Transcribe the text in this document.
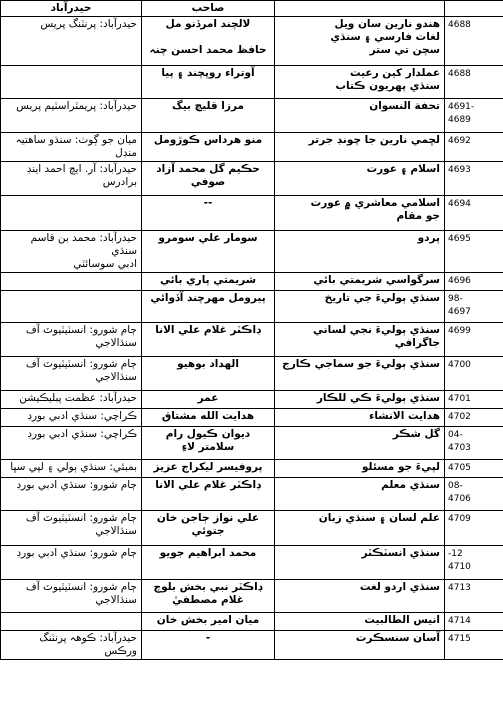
حيدرآباد	صاحب		

حيدرآباد: پرنٽنگ پريس	لالچند امرڏنو مل
حافظ محمد احسن چنہ	هندو نارين سان ويل
لغات فارسي ۽ سنڌي
سچن تي ستر	4688

	آوتراء روپچند ۽ پيا	عملدار کين رعيت
سنڌي پهريون ڪتاب	4688

حيدرآباد: پريمٽراسٽيم پريس	مرزا قليچ بيگ	تحفة النسوان	4691-
4689

ميان جو ڳوٺ: سنڌو ساهتيہ منڊل	منو هرداس ڪوڙومل	لڇمي نارين جا چونڊ جرتر	4692

حيدرآباد: آر. ايچ احمد اينڊ برادرس	حڪيم گل محمد آزاد
صوفي	اسلام ۽ عورت	4693

	--	اسلامي معاشري ۾ عورت
جو مقام	4694

حيدرآباد: محمد بن قاسم سنڌي
ادبي سوسائٽي	سومار علي سومرو	پردو	4695

	شريمتي پاري بائي	سرگواسي شريمتي بائي	4696

	پيرومل مهرچند آڏوائي	سنڌي ٻوليءَ جي تاريخ	98-
4697

ڄام شورو: انسٽيٽيوٽ آف
سنڌالاجي	ڊاڪٽر غلام علي الانا	سنڌي ٻوليءَ نجي لساني جاگرافي	4699

ڄام شورو: انسٽيٽيوٽ آف
سنڌالاجي	الهداد بوهيو	سنڌي ٻوليءَ جو سماجي ڪارج	4700

حيدرآباد: عظمت پبليڪيشن	عمر	سنڌي ٻوليءَ ڪي للڪار	4701

ڪراچي: سنڌي ادبي بورڊ	هدايت الله مشتاق	هدايت الانشاء	4702

ڪراچي: سنڌي ادبي بورڊ	ديوان ڪيول رام
سلامتر لاءِ	گل شڪر	04-
4703

بمبئي: سنڌي ٻولي ۽ لپي سڀا	پروفيسر ليکراج عزيز	لپيءَ جو مسئلو	4705

ڄام شورو: سنڌي ادبي بورڊ	ڊاڪٽر غلام علي الانا	سنڌي معلم	08-
4706

ڄام شورو: انسٽيٽيوٽ آف
سنڌالاجي	علي نواز ڄاجن خان
جتوئي	علم لسان ۽ سنڌي زبان	4709

ڄام شورو: سنڌي ادبي بورڊ	محمد ابراهيم جويو	سنڌي انسٽڪٽر	-12
4710

ڄام شورو: انسٽيٽيوٽ آف
سنڌالاجي	ڊاڪٽر نبي بخش بلوچ
غلام مصطفيٰ	سنڌي اردو لغت	4713

	ميان امير بخش خان	انيس الطالبيت	4714

حيدرآباد: ڪوهہ پرنٽنگ ورڪس	-	آسان سنسڪرت	4715
